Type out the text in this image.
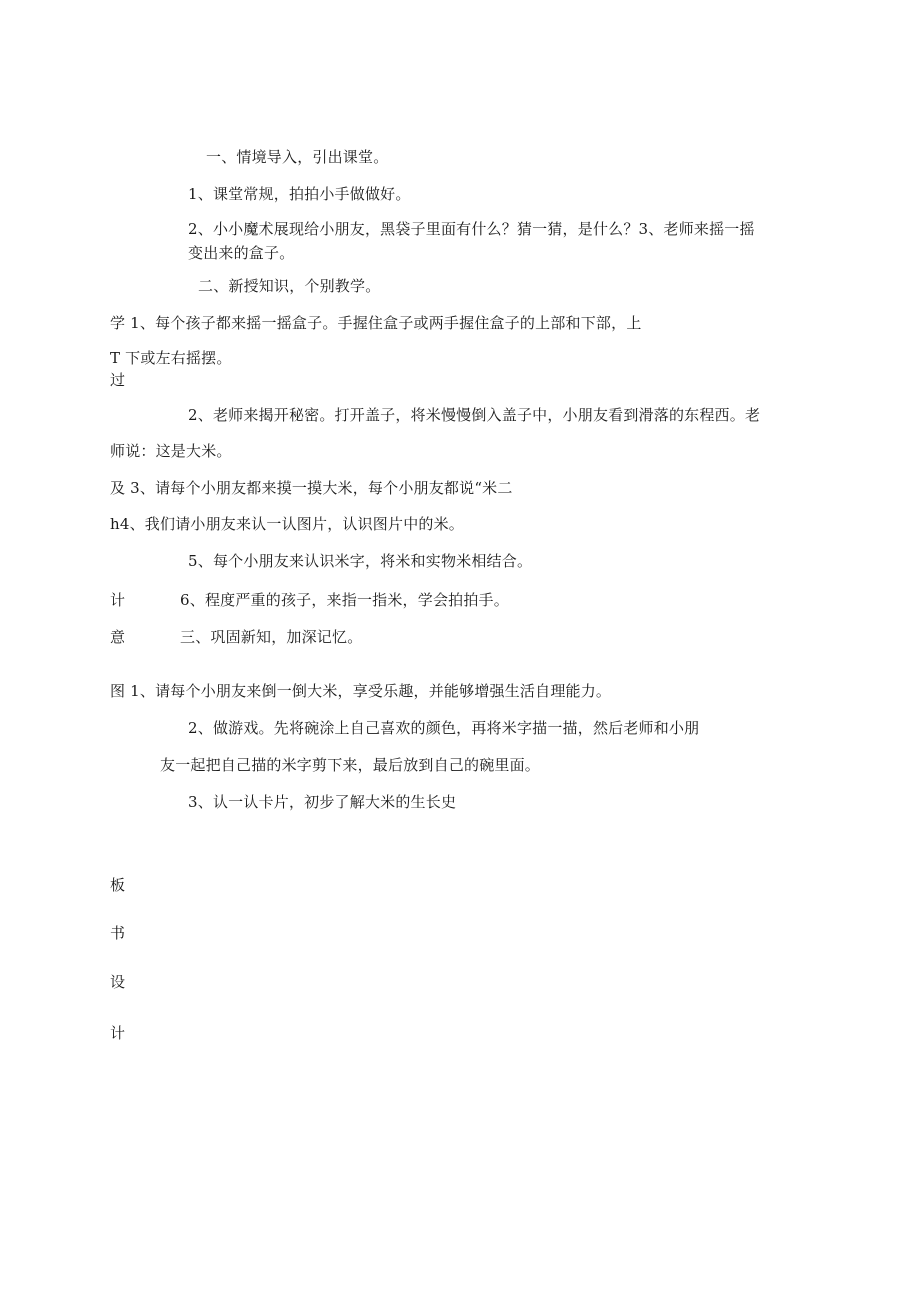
一、情境导入，引出课堂。
1、课堂常规，拍拍小手做做好。
2、小小魔术展现给小朋友，黑袋子里面有什么？猜一猜，是什么？3、老师来摇一摇
变出来的盒子。
二、新授知识，个别教学。
学 1、每个孩子都来摇一摇盒子。手握住盒子或两手握住盒子的上部和下部，上
T 下或左右摇摆。
过
2、老师来揭开秘密。打开盖子，将米慢慢倒入盖子中，小朋友看到滑落的东程西。老
师说：这是大米。
及 3、请每个小朋友都来摸一摸大米，每个小朋友都说“米二
h4、我们请小朋友来认一认图片，认识图片中的米。
5、每个小朋友来认识米字，将米和实物米相结合。
计	6、程度严重的孩子，来指一指米，学会拍拍手。
意	三、巩固新知，加深记忆。
图 1、请每个小朋友来倒一倒大米，享受乐趣，并能够增强生活自理能力。
2、做游戏。先将碗涂上自己喜欢的颜色，再将米字描一描，然后老师和小朋
友一起把自己描的米字剪下来，最后放到自己的碗里面。
3、认一认卡片，初步了解大米的生长史
板
书
设
计
